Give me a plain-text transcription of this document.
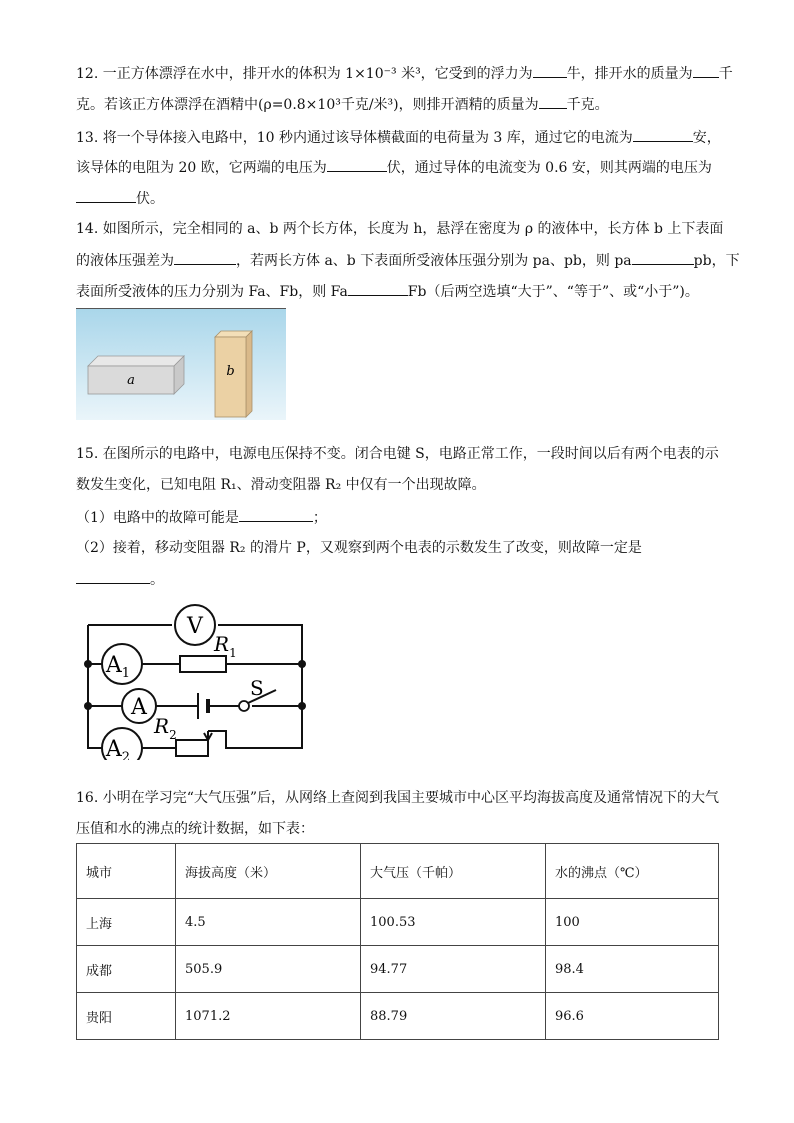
12. 一正方体漂浮在水中，排开水的体积为 1×10⁻³ 米³，它受到的浮力为 牛，排开水的质量为 千
克。若该正方体漂浮在酒精中(ρ=0.8×10³千克/米³)，则排开酒精的质量为 千克。
13. 将一个导体接入电路中，10 秒内通过该导体横截面的电荷量为 3 库，通过它的电流为	安，
该导体的电阻为 20 欧，它两端的电压为	伏，通过导体的电流变为 0.6 安，则其两端的电压为
伏。
14. 如图所示，完全相同的 a、b 两个长方体，长度为 h，悬浮在密度为 ρ 的液体中，长方体 b 上下表面
的液体压强差为	，若两长方体 a、b 下表面所受液体压强分别为 pa、pb，则 pa	pb，下
表面所受液体的压力分别为 Fa、Fb，则 Fa	Fb（后两空选填“大于”、“等于”、或“小于”)。
a
b
15. 在图所示的电路中，电源电压保持不变。闭合电键 S，电路正常工作，一段时间以后有两个电表的示
数发生变化，已知电阻 R₁、滑动变阻器 R₂ 中仅有一个出现故障。
（1）电路中的故障可能是	；
（2）接着，移动变阻器 R₂ 的滑片 P，又观察到两个电表的示数发生了改变，则故障一定是
。
S
$R_1$
$R_2$
V
$A_1$
A
$A_2$
16. 小明在学习完“大气压强”后，从网络上查阅到我国主要城市中心区平均海拔高度及通常情况下的大气
压值和水的沸点的统计数据，如下表：
城市	海拔高度（米）	大气压（千帕）	水的沸点（℃）
上海	4.5	100.53	100
成都	505.9	94.77	98.4
贵阳	1071.2	88.79	96.6
